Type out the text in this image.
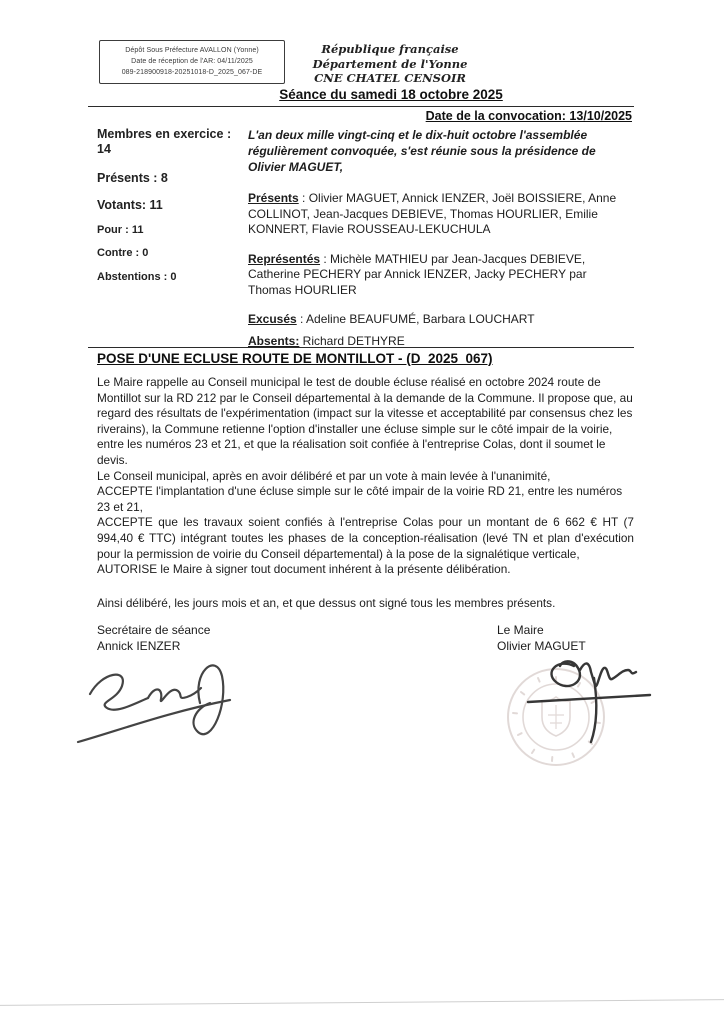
Dépôt Sous Préfecture AVALLON (Yonne)
Date de réception de l'AR: 04/11/2025
089-218900918-20251018-D_2025_067-DE
République française
Département de l'Yonne
CNE CHATEL CENSOIR
Séance du samedi 18 octobre 2025
Date de la convocation: 13/10/2025
Membres en exercice : 14
Présents : 8
Votants: 11
Pour : 11
Contre : 0
Abstentions : 0

L'an deux mille vingt-cinq et le dix-huit octobre l'assemblée régulièrement convoquée, s'est réunie sous la présidence de Olivier MAGUET,

Présents : Olivier MAGUET, Annick IENZER, Joël BOISSIERE, Anne COLLINOT, Jean-Jacques DEBIEVE, Thomas HOURLIER, Emilie KONNERT, Flavie ROUSSEAU-LEKUCHULA

Représentés : Michèle MATHIEU par Jean-Jacques DEBIEVE, Catherine PECHERY par Annick IENZER, Jacky PECHERY par Thomas HOURLIER

Excusés : Adeline BEAUFUMÉ, Barbara LOUCHART

Absents: Richard DETHYRE

POSE D'UNE ECLUSE ROUTE DE MONTILLOT - (D_2025_067)

Le Maire rappelle au Conseil municipal le test de double écluse réalisé en octobre 2024 route de Montillot sur la RD 212 par le Conseil départemental à la demande de la Commune. Il propose que, au regard des résultats de l'expérimentation (impact sur la vitesse et acceptabilité par consensus chez les riverains), la Commune retienne l'option d'installer une écluse simple sur le côté impair de la voirie, entre les numéros 23 et 21, et que la réalisation soit confiée à l'entreprise Colas, dont il soumet le devis.

Le Conseil municipal, après en avoir délibéré et par un vote à main levée à l'unanimité,

ACCEPTE l'implantation d'une écluse simple sur le côté impair de la voirie RD 21, entre les numéros 23 et 21,

ACCEPTE que les travaux soient confiés à l'entreprise Colas pour un montant de 6 662 € HT (7 994,40 € TTC) intégrant toutes les phases de la conception-réalisation (levé TN et plan d'exécution pour la permission de voirie du Conseil départemental) à la pose de la signalétique verticale,

AUTORISE le Maire à signer tout document inhérent à la présente délibération.

Ainsi délibéré, les jours mois et an, et que dessus ont signé tous les membres présents.

Secrétaire de séance
Annick IENZER
Le Maire
Olivier MAGUET
